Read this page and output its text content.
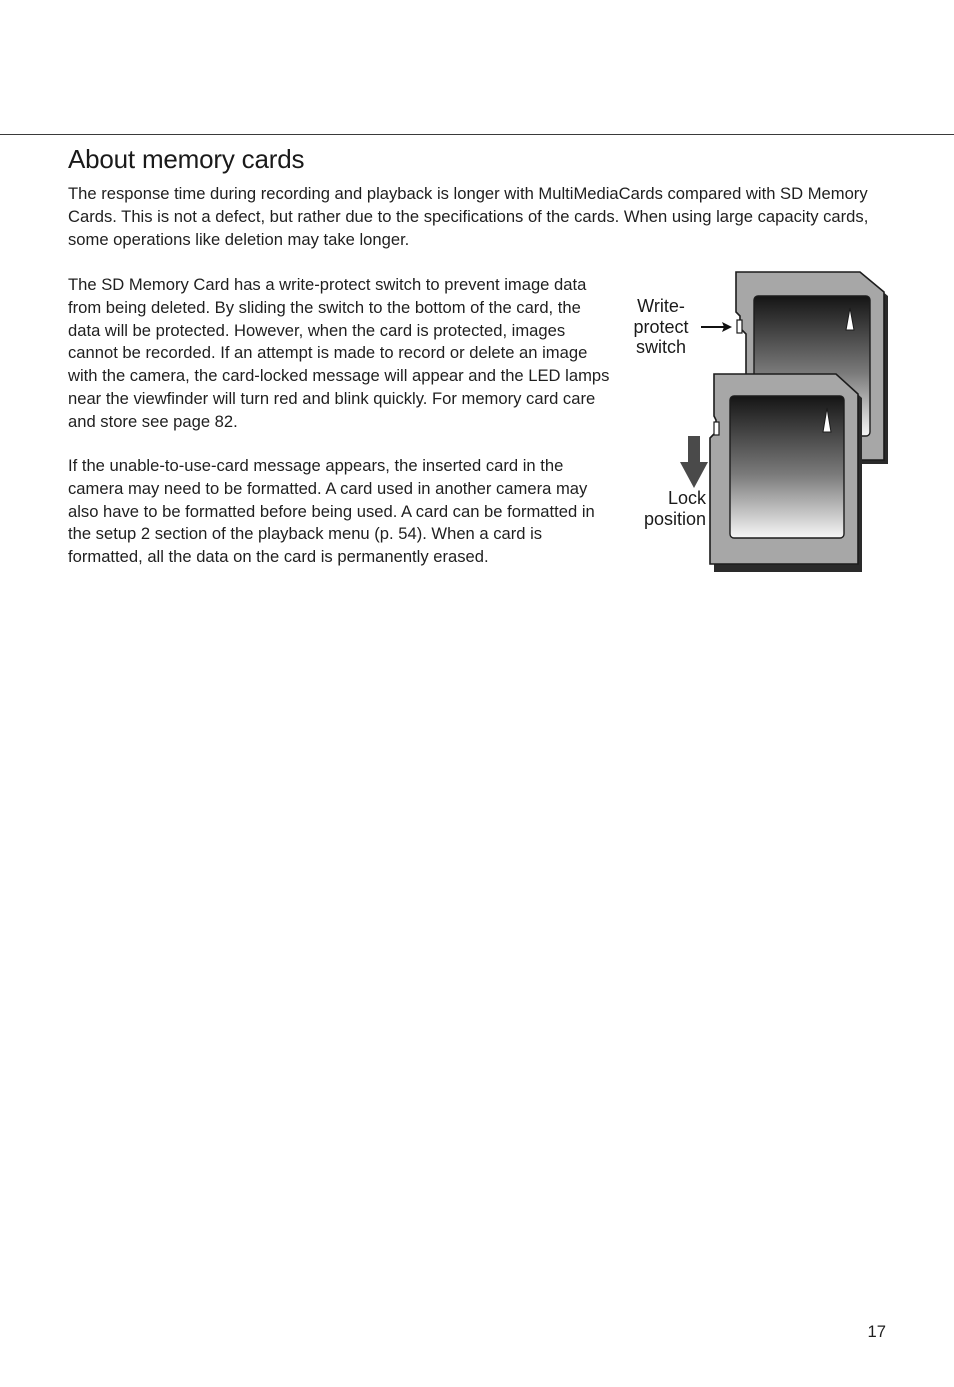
About memory cards

The response time during recording and playback is longer with MultiMediaCards compared with SD Memory Cards. This is not a defect, but rather due to the specifications of the cards. When using large capacity cards, some operations like deletion may take longer.

The SD Memory Card has a write-protect switch to prevent image data from being deleted. By sliding the switch to the bottom of the card, the data will be protected. However, when the card is protected, images cannot be recorded. If an attempt is made to record or delete an image with the camera, the card-locked message will appear and the LED lamps near the viewfinder will turn red and blink quickly. For memory card care and store see page 82.

If the unable-to-use-card message appears, the inserted card in the camera may need to be formatted. A card used in another camera may also have to be formatted before being used. A card can be formatted in the setup 2 section of the playback menu (p. 54). When a card is formatted, all the data on the card is permanently erased.

Write-
protect
switch
Lock
position
17
